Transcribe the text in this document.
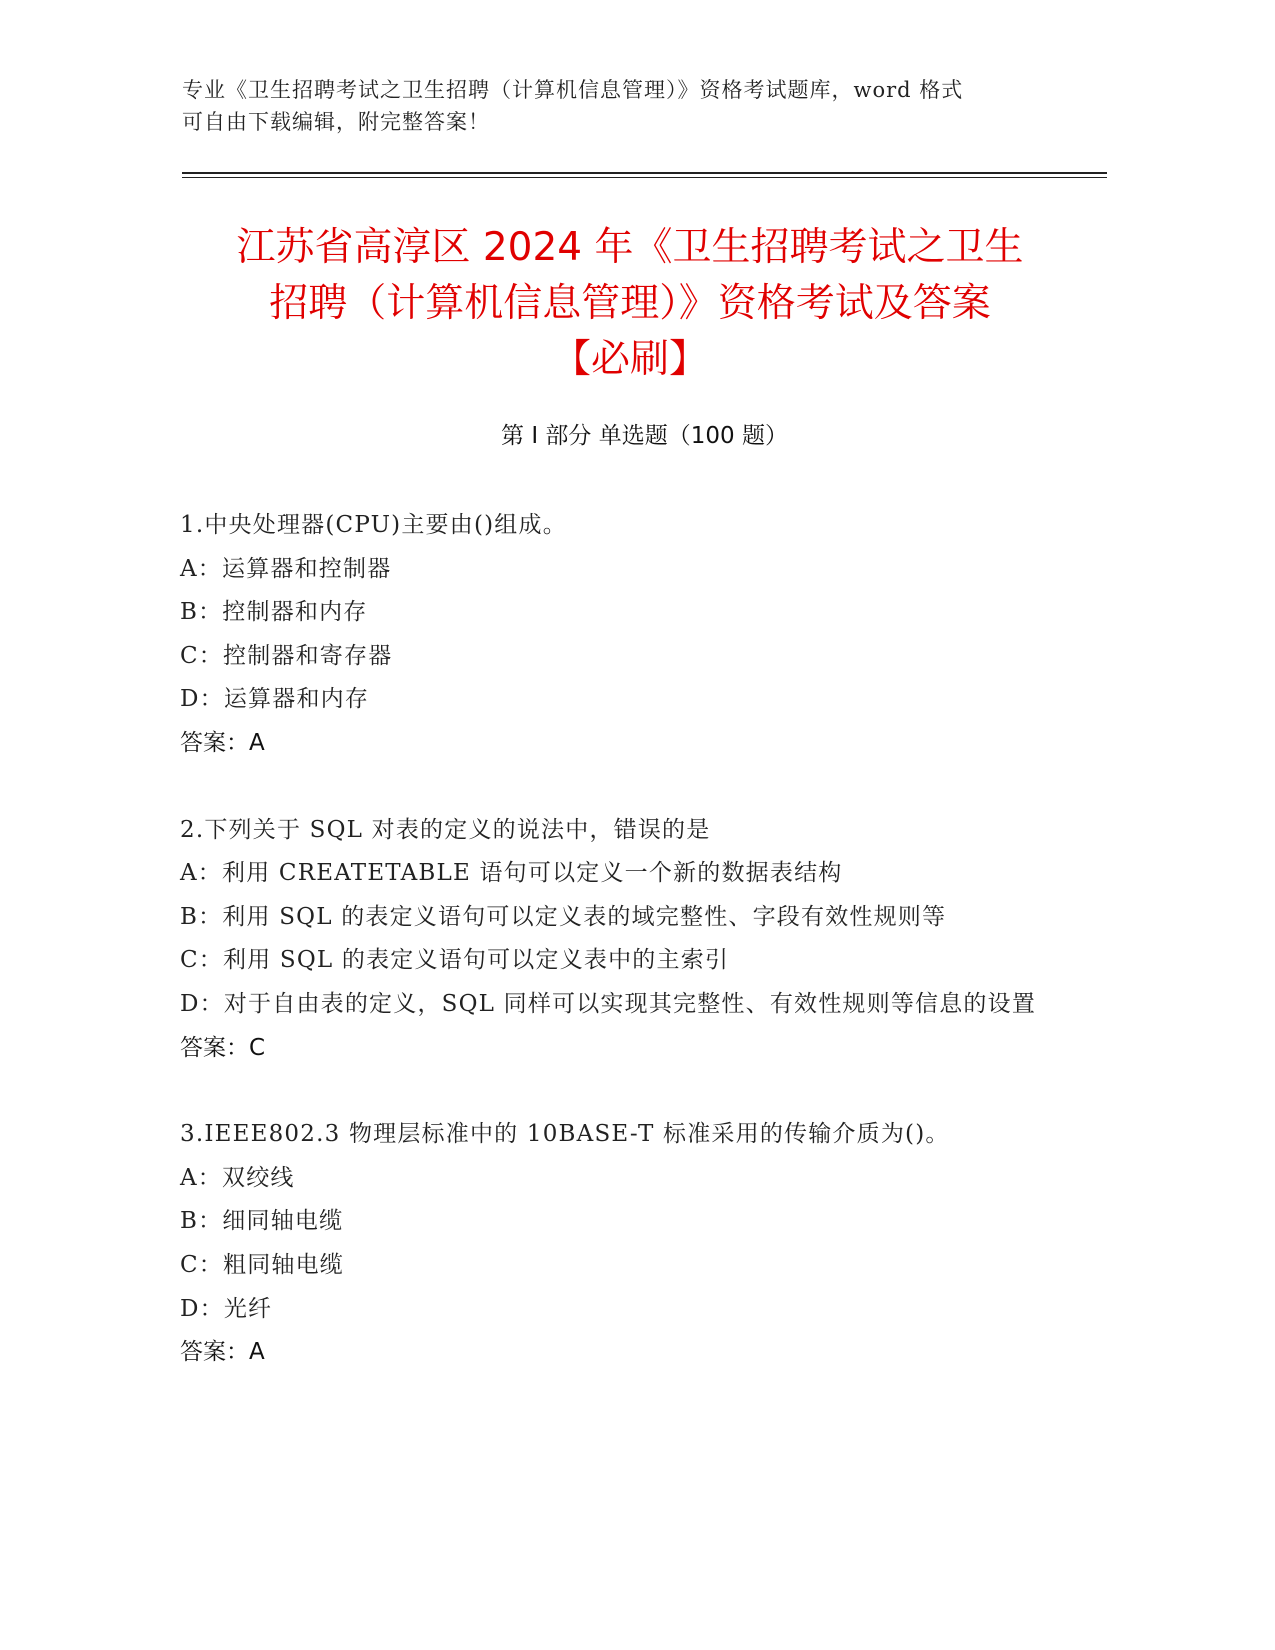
专业《卫生招聘考试之卫生招聘（计算机信息管理）》资格考试题库，word 格式
可自由下载编辑，附完整答案！
江苏省高淳区 2024 年《卫生招聘考试之卫生
招聘（计算机信息管理）》资格考试及答案
【必刷】
第 I 部分 单选题（100 题）
1.中央处理器(CPU)主要由()组成。
A：运算器和控制器
B：控制器和内存
C：控制器和寄存器
D：运算器和内存
答案：A
2.下列关于 SQL 对表的定义的说法中，错误的是
A：利用 CREATETABLE 语句可以定义一个新的数据表结构
B：利用 SQL 的表定义语句可以定义表的域完整性、字段有效性规则等
C：利用 SQL 的表定义语句可以定义表中的主索引
D：对于自由表的定义，SQL 同样可以实现其完整性、有效性规则等信息的设置
答案：C
3.IEEE802.3 物理层标准中的 10BASE-T 标准采用的传输介质为()。
A：双绞线
B：细同轴电缆
C：粗同轴电缆
D：光纤
答案：A
